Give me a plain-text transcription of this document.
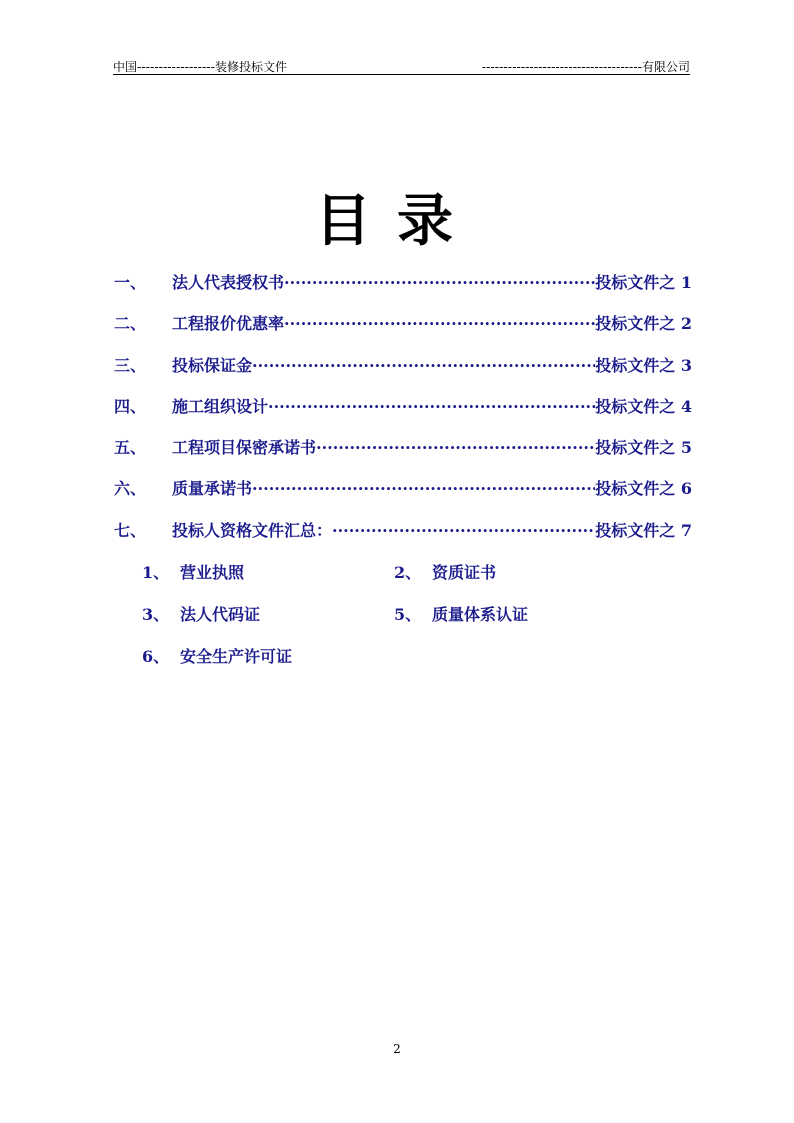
中国------------------装修投标文件	-------------------------------------有限公司
目录
一、	法人代表授权书 ·····	投标文件之 1
二、	工程报价优惠率 ·····	投标文件之 2
三、	投标保证金 ·····	投标文件之 3
四、	施工组织设计 ·····	投标文件之 4
五、	工程项目保密承诺书 ·····	投标文件之 5
六、	质量承诺书 ·····	投标文件之 6
七、	投标人资格文件汇总： ·····	投标文件之 7
1、 营业执照	2、 资质证书
3、 法人代码证	5、 质量体系认证
6、 安全生产许可证
2
